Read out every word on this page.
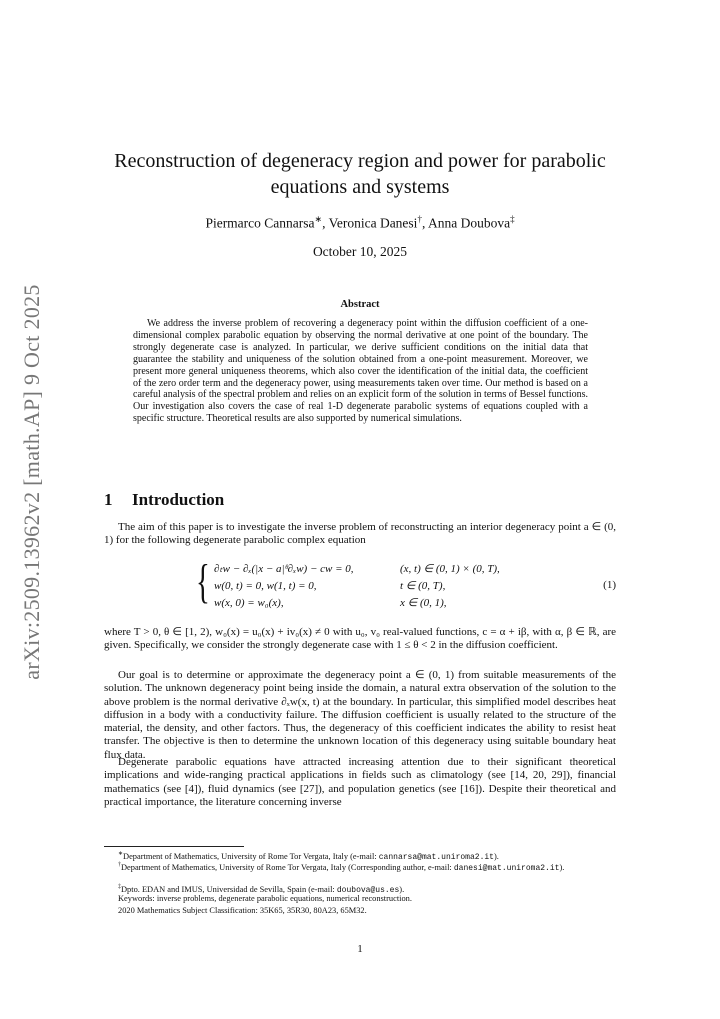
arXiv:2509.13962v2 [math.AP] 9 Oct 2025
Reconstruction of degeneracy region and power for parabolic
equations and systems
Piermarco Cannarsa∗, Veronica Danesi†, Anna Doubova‡
October 10, 2025
Abstract
We address the inverse problem of recovering a degeneracy point within the diffusion coefficient of a one-dimensional complex parabolic equation by observing the normal derivative at one point of the boundary. The strongly degenerate case is analyzed. In particular, we derive sufficient conditions on the initial data that guarantee the stability and uniqueness of the solution obtained from a one-point measurement. Moreover, we present more general uniqueness theorems, which also cover the identification of the initial data, the coefficient of the zero order term and the degeneracy power, using measurements taken over time. Our method is based on a careful analysis of the spectral problem and relies on an explicit form of the solution in terms of Bessel functions. Our investigation also covers the case of real 1-D degenerate parabolic systems of equations coupled with a specific structure. Theoretical results are also supported by numerical simulations.
1 Introduction
The aim of this paper is to investigate the inverse problem of reconstructing an interior degeneracy point a ∈ (0, 1) for the following degenerate parabolic complex equation
{ ∂ₜw − ∂ₓ(|x − a|ᶿ∂ₓw) − cw = 0,	(x, t) ∈ (0, 1) × (0, T),
w(0, t) = 0, w(1, t) = 0,	t ∈ (0, T),
w(x, 0) = w₀(x),	x ∈ (0, 1),
(1)
where T > 0, θ ∈ [1, 2), w₀(x) = u₀(x) + iv₀(x) ≠ 0 with u₀, v₀ real-valued functions, c = α + iβ, with α, β ∈ ℝ, are given. Specifically, we consider the strongly degenerate case with 1 ≤ θ < 2 in the diffusion coefficient.
Our goal is to determine or approximate the degeneracy point a ∈ (0, 1) from suitable measurements of the solution. The unknown degeneracy point being inside the domain, a natural extra observation of the solution to the above problem is the normal derivative ∂ₓw(x, t) at the boundary. In particular, this simplified model describes heat diffusion in a body with a conductivity failure. The diffusion coefficient is usually related to the structure of the material, the density, and other factors. Thus, the degeneracy of this coefficient indicates the ability to resist heat transfer. The objective is then to determine the unknown location of this degeneracy using suitable boundary heat flux data.
Degenerate parabolic equations have attracted increasing attention due to their significant theoretical implications and wide-ranging practical applications in fields such as climatology (see [14, 20, 29]), financial mathematics (see [4]), fluid dynamics (see [27]), and population genetics (see [16]). Despite their theoretical and practical importance, the literature concerning inverse
∗Department of Mathematics, University of Rome Tor Vergata, Italy (e-mail: cannarsa@mat.uniroma2.it).
†Department of Mathematics, University of Rome Tor Vergata, Italy (Corresponding author, e-mail: danesi@mat.uniroma2.it).
‡Dpto. EDAN and IMUS, Universidad de Sevilla, Spain (e-mail: doubova@us.es).
Keywords: inverse problems, degenerate parabolic equations, numerical reconstruction.
2020 Mathematics Subject Classification: 35K65, 35R30, 80A23, 65M32.
1
